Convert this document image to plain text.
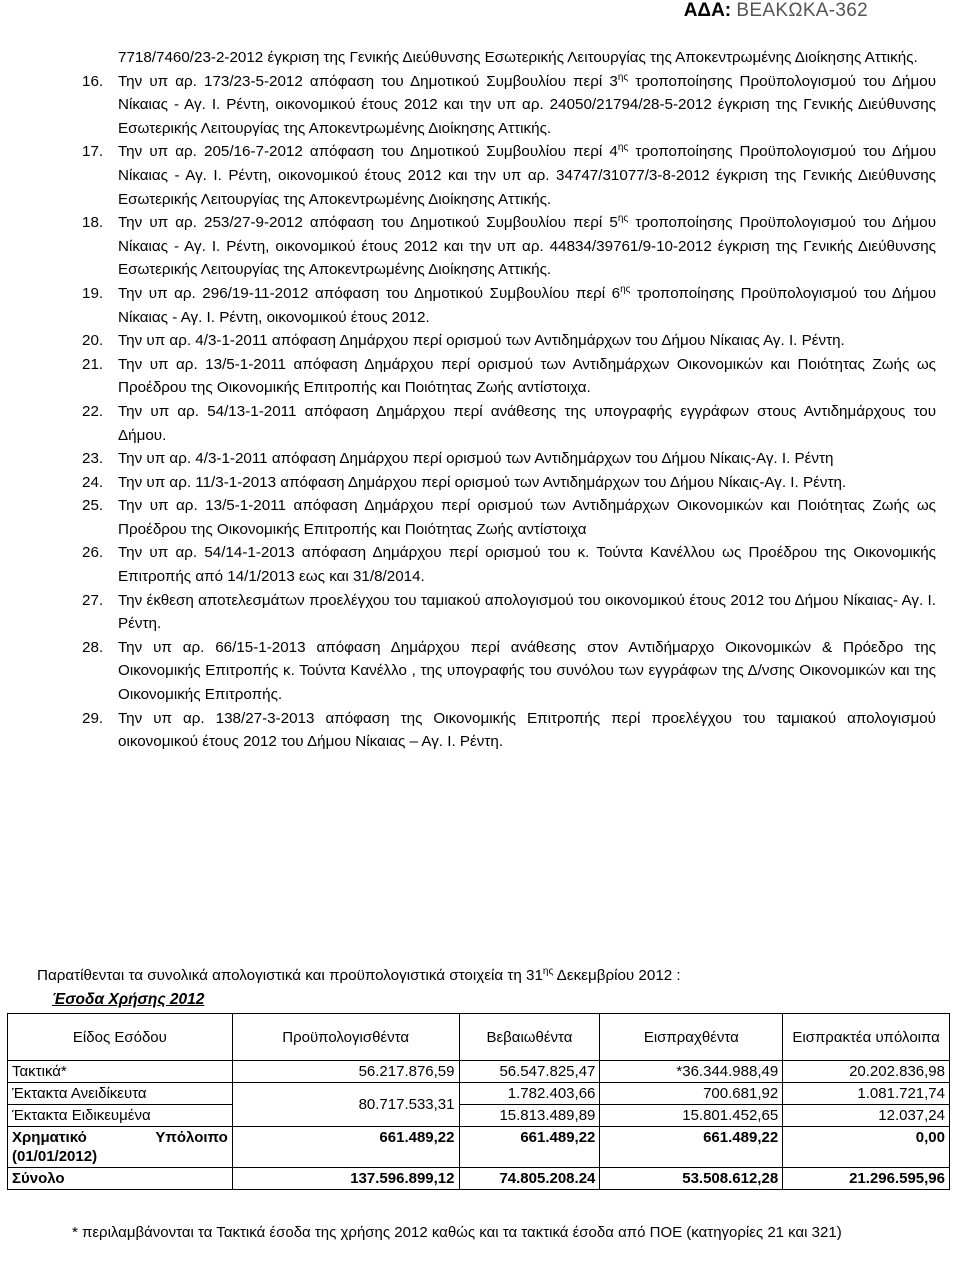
ΑΔΑ: ΒΕΑΚΩΚΑ-362
7718/7460/23-2-2012 έγκριση της Γενικής Διεύθυνσης Εσωτερικής Λειτουργίας της Αποκεντρωμένης Διοίκησης Αττικής.
16. Την υπ αρ. 173/23-5-2012 απόφαση του Δημοτικού Συμβουλίου περί $3^{\eta\varsigma}$ τροποποίησης Προϋπολογισμού του Δήμου Νίκαιας - Αγ. Ι. Ρέντη, οικονομικού έτους 2012 και την υπ αρ. 24050/21794/28-5-2012 έγκριση της Γενικής Διεύθυνσης Εσωτερικής Λειτουργίας της Αποκεντρωμένης Διοίκησης Αττικής.
17. Την υπ αρ. 205/16-7-2012 απόφαση του Δημοτικού Συμβουλίου περί $4^{\eta\varsigma}$ τροποποίησης Προϋπολογισμού του Δήμου Νίκαιας - Αγ. Ι. Ρέντη, οικονομικού έτους 2012 και την υπ αρ. 34747/31077/3-8-2012 έγκριση της Γενικής Διεύθυνσης Εσωτερικής Λειτουργίας της Αποκεντρωμένης Διοίκησης Αττικής.
18. Την υπ αρ. 253/27-9-2012 απόφαση του Δημοτικού Συμβουλίου περί $5^{\eta\varsigma}$ τροποποίησης Προϋπολογισμού του Δήμου Νίκαιας - Αγ. Ι. Ρέντη, οικονομικού έτους 2012 και την υπ αρ. 44834/39761/9-10-2012 έγκριση της Γενικής Διεύθυνσης Εσωτερικής Λειτουργίας της Αποκεντρωμένης Διοίκησης Αττικής.
19. Την υπ αρ. 296/19-11-2012 απόφαση του Δημοτικού Συμβουλίου περί $6^{\eta\varsigma}$ τροποποίησης Προϋπολογισμού του Δήμου Νίκαιας - Αγ. Ι. Ρέντη, οικονομικού έτους 2012.
20. Την υπ αρ. 4/3-1-2011 απόφαση Δημάρχου περί ορισμού των Αντιδημάρχων του Δήμου Νίκαιας Αγ. Ι. Ρέντη.
21. Την υπ αρ. 13/5-1-2011 απόφαση Δημάρχου περί ορισμού των Αντιδημάρχων Οικονομικών και Ποιότητας Ζωής ως Προέδρου της Οικονομικής Επιτροπής και Ποιότητας Ζωής αντίστοιχα.
22. Την υπ αρ. 54/13-1-2011 απόφαση Δημάρχου περί ανάθεσης της υπογραφής εγγράφων στους Αντιδημάρχους του Δήμου.
23. Την υπ αρ. 4/3-1-2011 απόφαση Δημάρχου περί ορισμού των Αντιδημάρχων του Δήμου Νίκαις-Αγ. Ι. Ρέντη
24. Την υπ αρ. 11/3-1-2013 απόφαση Δημάρχου περί ορισμού των Αντιδημάρχων του Δήμου Νίκαις-Αγ. Ι. Ρέντη.
25. Την υπ αρ. 13/5-1-2011 απόφαση Δημάρχου περί ορισμού των Αντιδημάρχων Οικονομικών και Ποιότητας Ζωής ως Προέδρου της Οικονομικής Επιτροπής και Ποιότητας Ζωής αντίστοιχα
26. Την υπ αρ. 54/14-1-2013 απόφαση Δημάρχου περί ορισμού του κ. Τούντα Κανέλλου ως Προέδρου της Οικονομικής Επιτροπής από 14/1/2013 εως και 31/8/2014.
27. Την έκθεση αποτελεσμάτων προελέγχου του ταμιακού απολογισμού του οικονομικού έτους 2012 του Δήμου Νίκαιας- Αγ. Ι. Ρέντη.
28. Την υπ αρ. 66/15-1-2013 απόφαση Δημάρχου περί ανάθεσης στον Αντιδήμαρχο Οικονομικών & Πρόεδρο της Οικονομικής Επιτροπής κ. Τούντα Κανέλλο , της υπογραφής του συνόλου των εγγράφων της Δ/νσης Οικονομικών και της Οικονομικής Επιτροπής.
29. Την υπ αρ. 138/27-3-2013 απόφαση της Οικονομικής Επιτροπής περί προελέγχου του ταμιακού απολογισμού οικονομικού έτους 2012 του Δήμου Νίκαιας – Αγ. Ι. Ρέντη.
Παρατίθενται τα συνολικά απολογιστικά και προϋπολογιστικά στοιχεία τη $31^{\eta\varsigma}$ Δεκεμβρίου 2012 :
Έσοδα Χρήσης 2012
Είδος Εσόδου	Προϋπολογισθέντα	Βεβαιωθέντα	Εισπραχθέντα	Εισπρακτέα υπόλοιπα
Τακτικά*	56.217.876,59	56.547.825,47	*36.344.988,49	20.202.836,98
Έκτακτα Ανειδίκευτα	80.717.533,31	1.782.403,66	700.681,92	1.081.721,74
Έκτακτα Ειδικευμένα		15.813.489,89	15.801.452,65	12.037,24

Χρηματικό Υπόλοιπο
(01/01/2012)	661.489,22	661.489,22	661.489,22	0,00
Σύνολο	137.596.899,12	74.805.208.24	53.508.612,28	21.296.595,96
* περιλαμβάνονται τα Τακτικά έσοδα της χρήσης 2012 καθώς και τα τακτικά έσοδα από ΠΟΕ (κατηγορίες 21 και 321)
